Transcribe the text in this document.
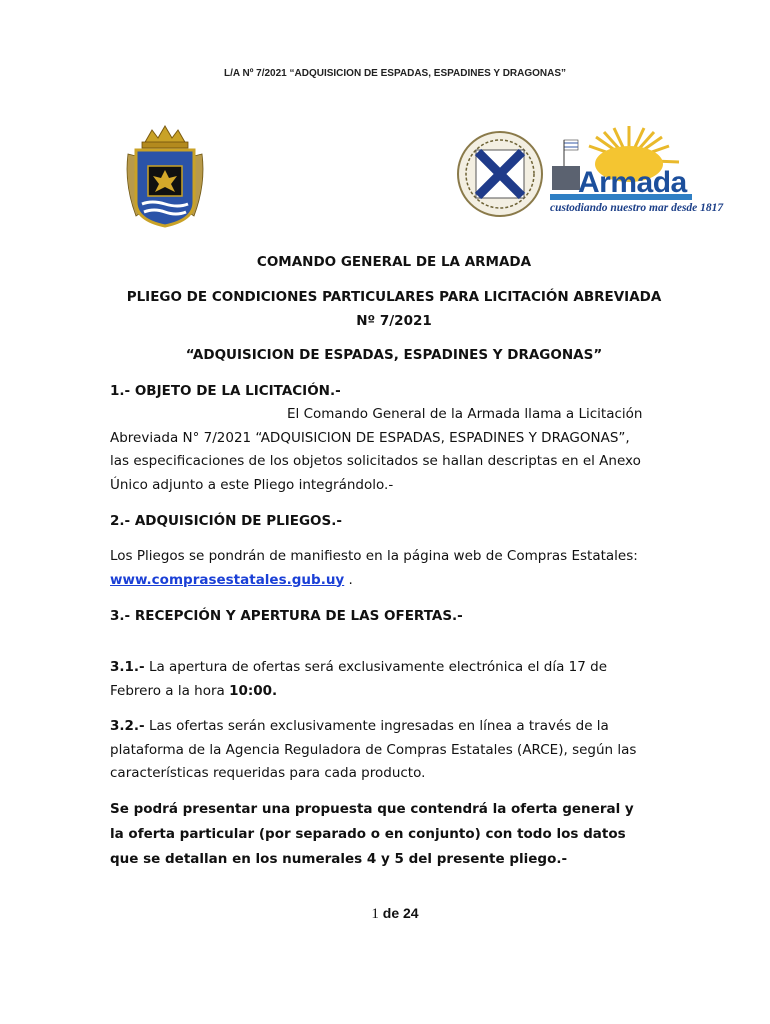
L/A Nº 7/2021 “ADQUISICION DE ESPADAS, ESPADINES Y DRAGONAS”
Armada
custodiando nuestro mar desde 1817
COMANDO GENERAL DE LA ARMADA
PLIEGO DE CONDICIONES PARTICULARES PARA LICITACIÓN ABREVIADA
Nº 7/2021
“ADQUISICION DE ESPADAS, ESPADINES Y DRAGONAS”
1.- OBJETO DE LA LICITACIÓN.-
El Comando General de la Armada llama a Licitación
Abreviada N° 7/2021 “ADQUISICION DE ESPADAS, ESPADINES Y DRAGONAS”,
las especificaciones de los objetos solicitados se hallan descriptas en el Anexo
Único adjunto a este Pliego integrándolo.-
2.- ADQUISICIÓN DE PLIEGOS.-
Los Pliegos se pondrán de manifiesto en la página web de Compras Estatales:
www.comprasestatales.gub.uy .
3.- RECEPCIÓN Y APERTURA DE LAS OFERTAS.-
3.1.- La apertura de ofertas será exclusivamente electrónica el día 17 de
Febrero a la hora 10:00.
3.2.- Las ofertas serán exclusivamente ingresadas en línea a través de la
plataforma de la Agencia Reguladora de Compras Estatales (ARCE), según las
características requeridas para cada producto.
Se podrá presentar una propuesta que contendrá la oferta general y
la oferta particular (por separado o en conjunto) con todo los datos
que se detallan en los numerales 4 y 5 del presente pliego.-
1 de 24
